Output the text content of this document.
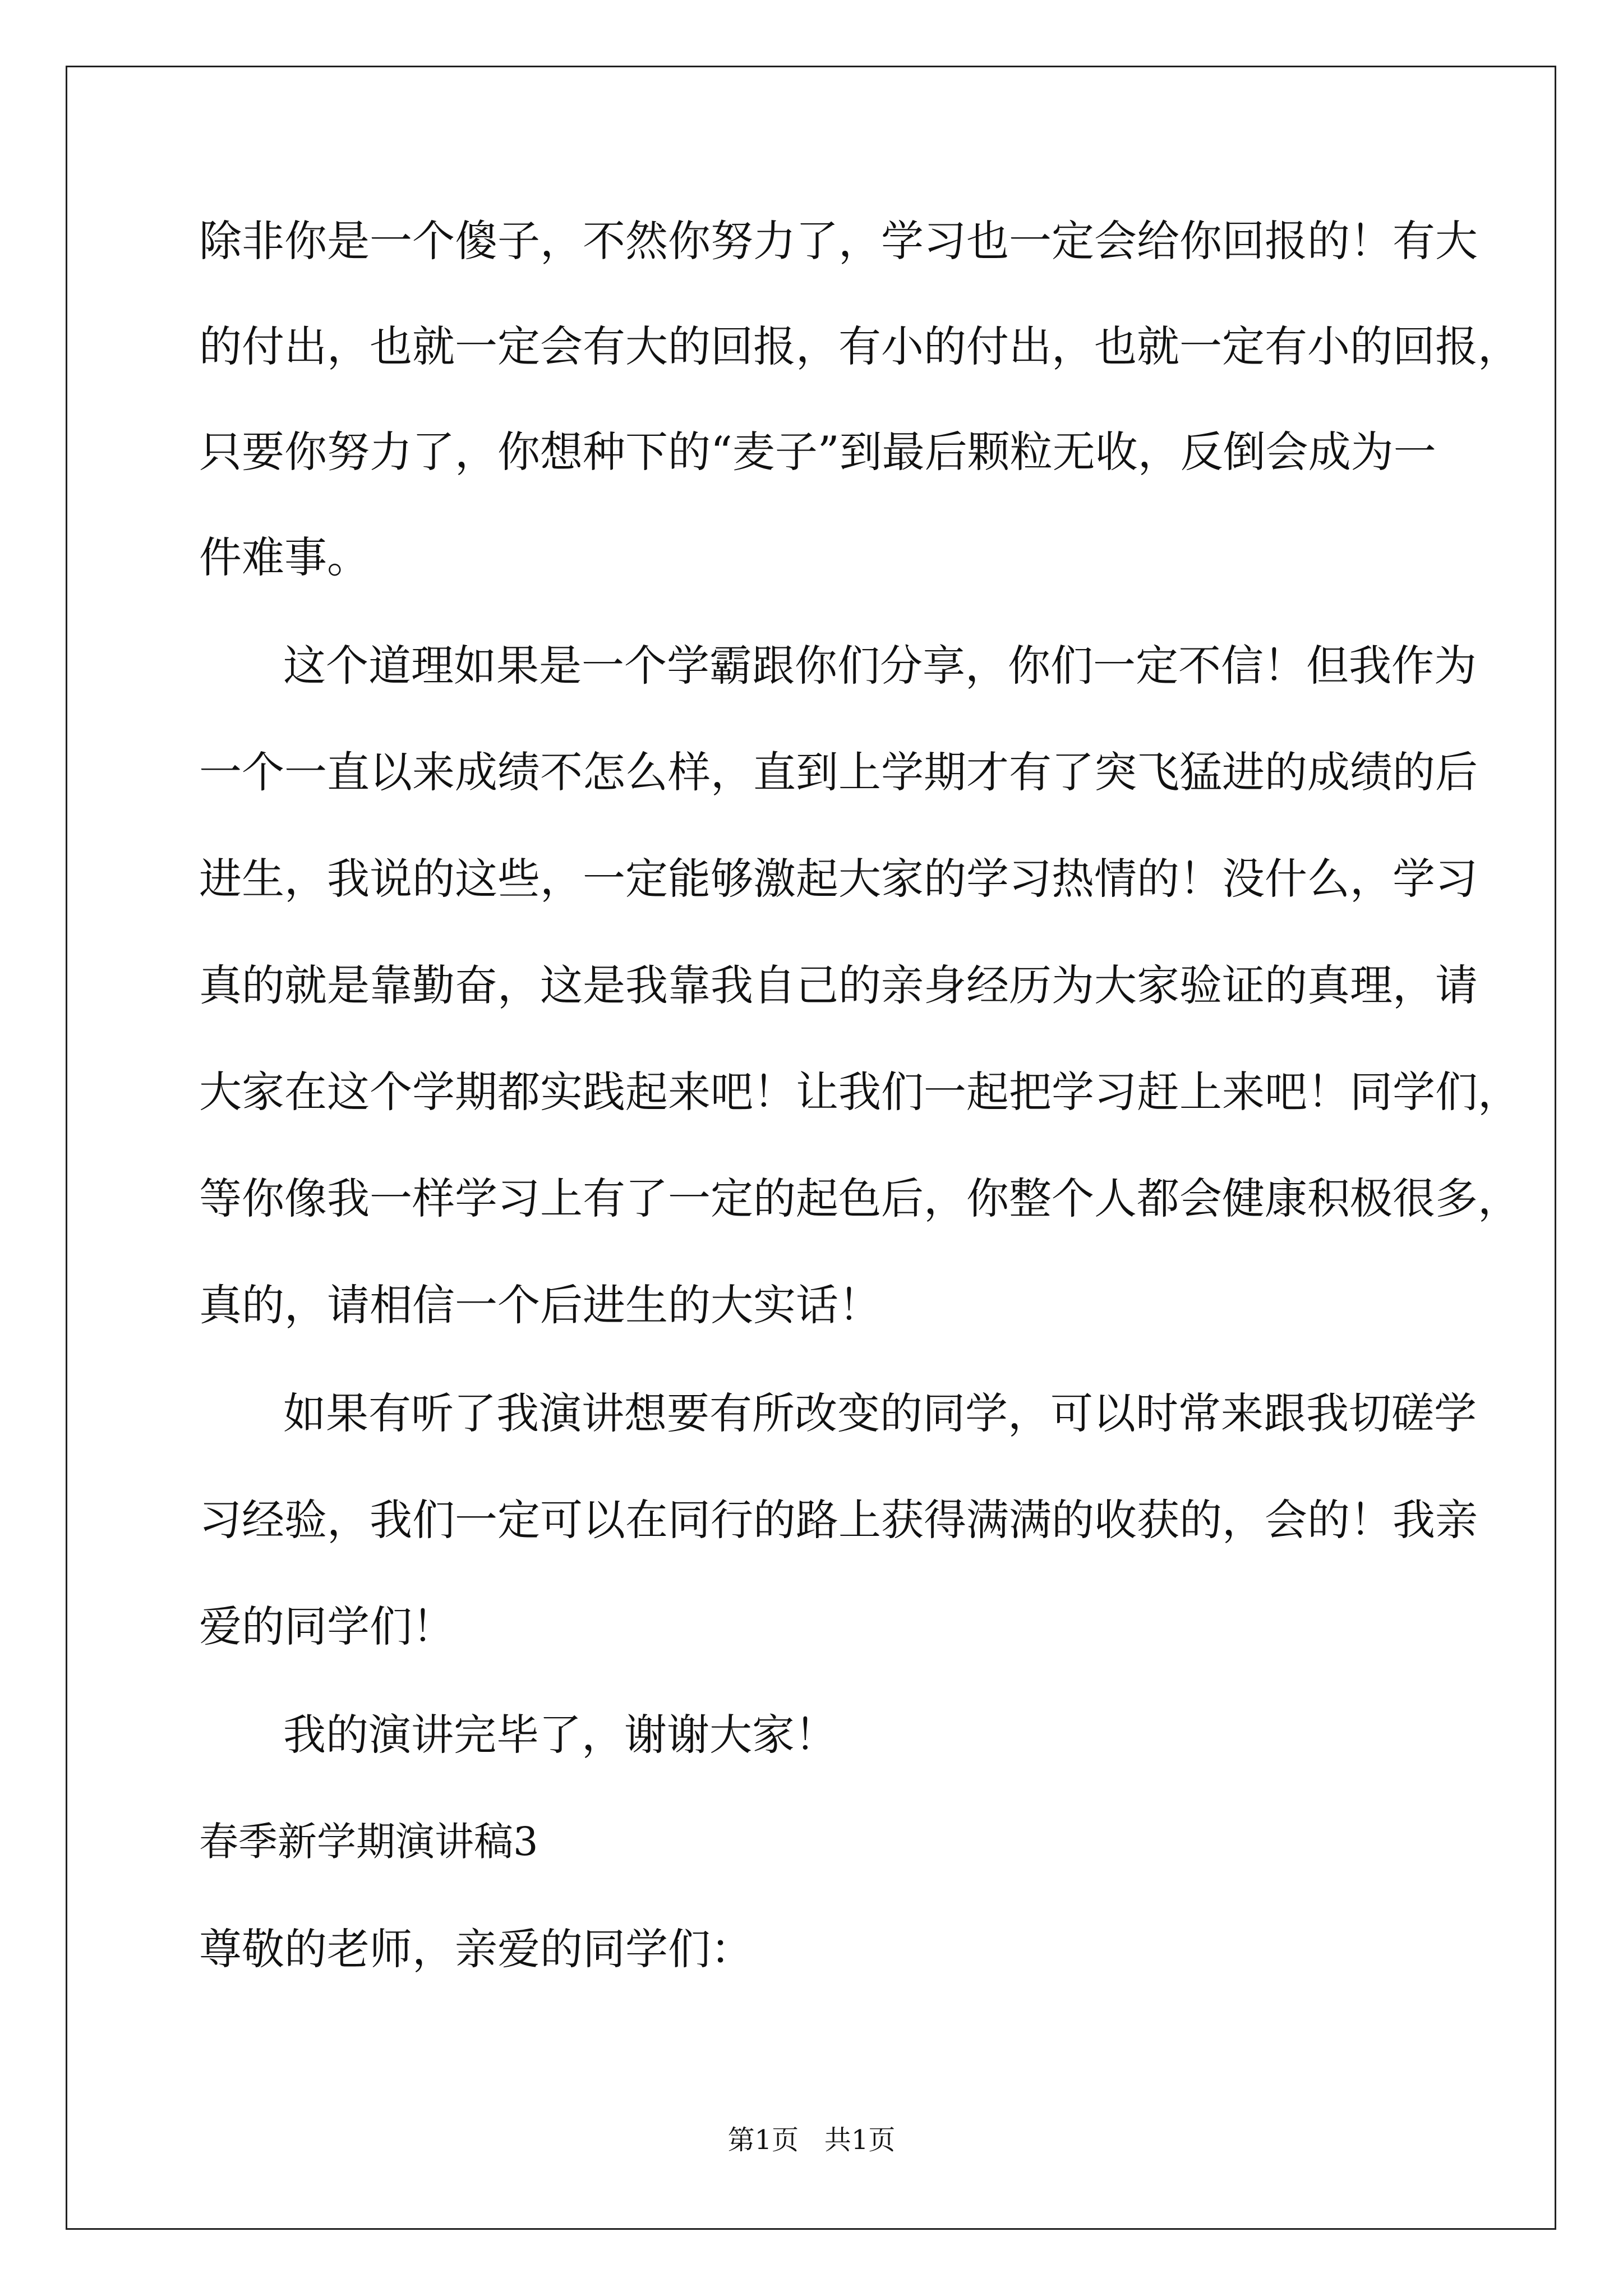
除非你是一个傻子，不然你努力了，学习也一定会给你回报的！有大
的付出，也就一定会有大的回报，有小的付出，也就一定有小的回报，
只要你努力了，你想种下的“麦子”到最后颗粒无收，反倒会成为一
件难事。
这个道理如果是一个学霸跟你们分享，你们一定不信！但我作为
一个一直以来成绩不怎么样，直到上学期才有了突飞猛进的成绩的后
进生，我说的这些，一定能够激起大家的学习热情的！没什么，学习
真的就是靠勤奋，这是我靠我自己的亲身经历为大家验证的真理，请
大家在这个学期都实践起来吧！让我们一起把学习赶上来吧！同学们，
等你像我一样学习上有了一定的起色后，你整个人都会健康积极很多，
真的，请相信一个后进生的大实话！
如果有听了我演讲想要有所改变的同学，可以时常来跟我切磋学
习经验，我们一定可以在同行的路上获得满满的收获的，会的！我亲
爱的同学们！
我的演讲完毕了，谢谢大家！
春季新学期演讲稿3
尊敬的老师，亲爱的同学们：
第1页 共1页
